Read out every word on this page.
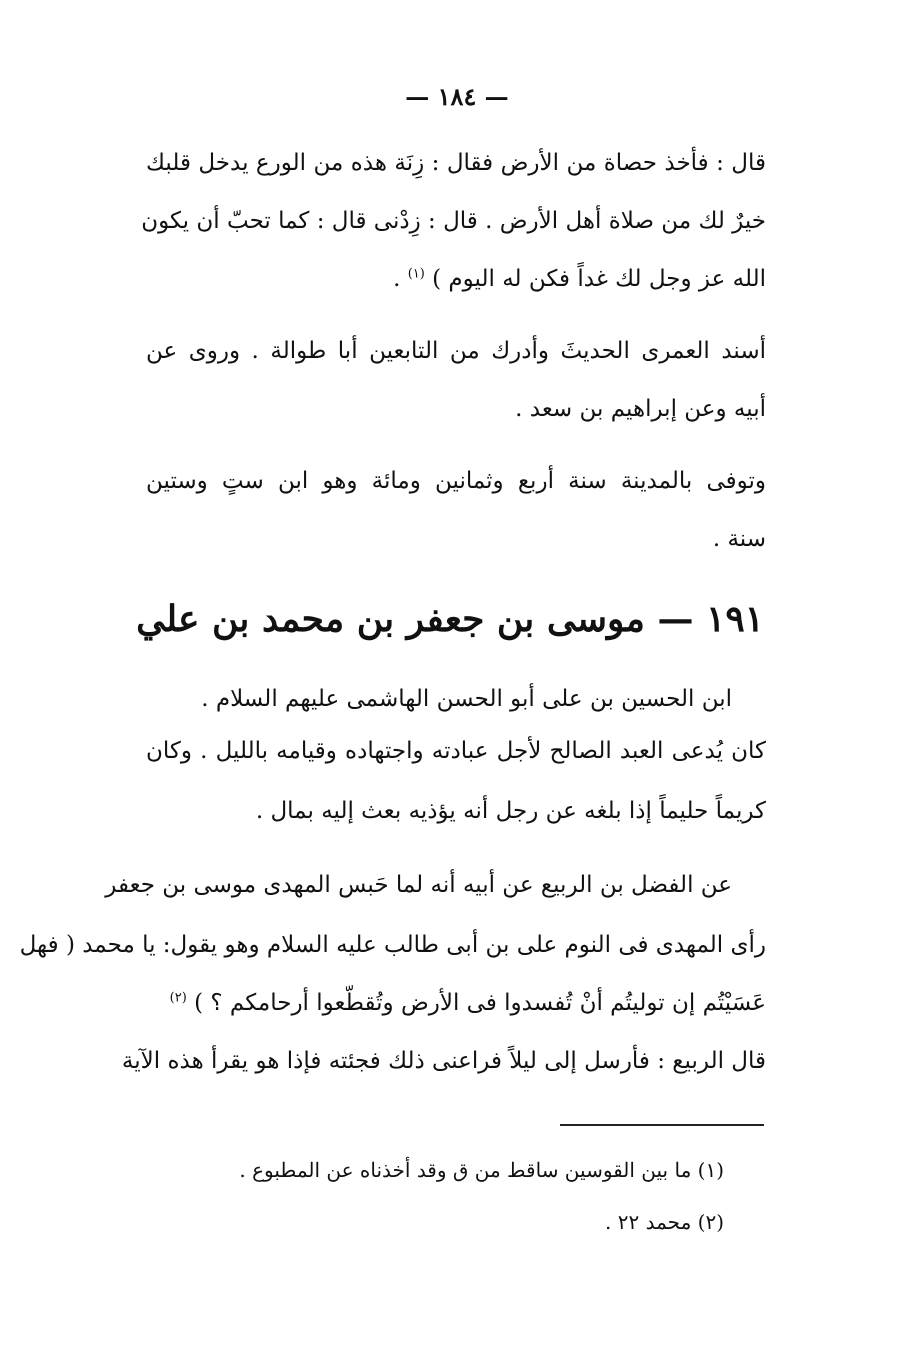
— ١٨٤ —
قال : فأخذ حصاة من الأرض فقال : زِنَة هذه من الورع يدخل قلبك
خيرٌ لك من صلاة أهل الأرض . قال : زِدْنى قال : كما تحبّ أن يكون
الله عز وجل لك غداً فكن له اليوم ) $^{(١)}$ .
أسند العمرى الحديثَ وأدرك من التابعين أبا طوالة . وروى عن
أبيه وعن إبراهيم بن سعد .
وتوفى بالمدينة سنة أربع وثمانين ومائة وهو ابن ستٍ وستين
سنة .
١٩١ — موسى بن جعفر بن محمد بن علي
ابن الحسين بن على أبو الحسن الهاشمى عليهم السلام .
كان يُدعى العبد الصالح لأجل عبادته واجتهاده وقيامه بالليل . وكان
كريماً حليماً إذا بلغه عن رجل أنه يؤذيه بعث إليه بمال .
عن الفضل بن الربيع عن أبيه أنه لما حَبس المهدى موسى بن جعفر
رأى المهدى فى النوم على بن أبى طالب عليه السلام وهو يقول: يا محمد ( فهل
عَسَيْتُم إن توليتُم أنْ تُفسدوا فى الأرض وتُقطّعوا أرحامكم ؟ ) $^{(٢)}$
قال الربيع : فأرسل إلى ليلاً فراعنى ذلك فجئته فإذا هو يقرأ هذه الآية
(١) ما بين القوسين ساقط من ق وقد أخذناه عن المطبوع .
(٢) محمد ٢٢ .
